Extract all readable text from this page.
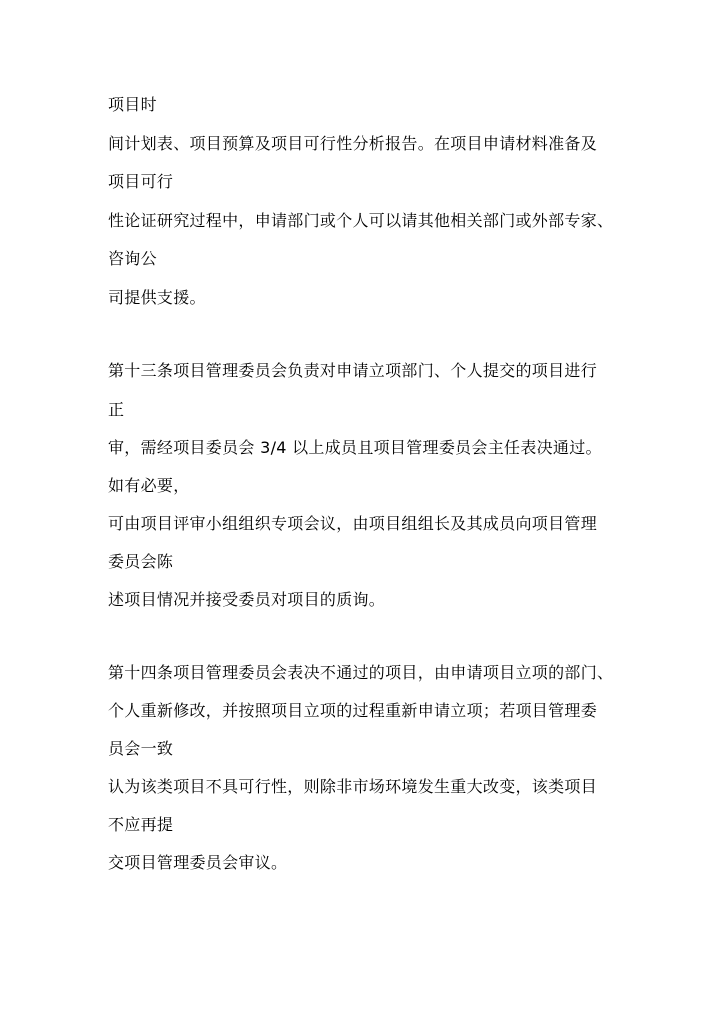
项目时
间计划表、项目预算及项目可行性分析报告。在项目申请材料准备及
项目可行
性论证研究过程中，申请部门或个人可以请其他相关部门或外部专家、
咨询公
司提供支援。
第十三条项目管理委员会负责对申请立项部门、个人提交的项目进行
正
审，需经项目委员会 3/4 以上成员且项目管理委员会主任表决通过。
如有必要，
可由项目评审小组组织专项会议，由项目组组长及其成员向项目管理
委员会陈
述项目情况并接受委员对项目的质询。
第十四条项目管理委员会表决不通过的项目，由申请项目立项的部门、
个人重新修改，并按照项目立项的过程重新申请立项；若项目管理委
员会一致
认为该类项目不具可行性，则除非市场环境发生重大改变，该类项目
不应再提
交项目管理委员会审议。
